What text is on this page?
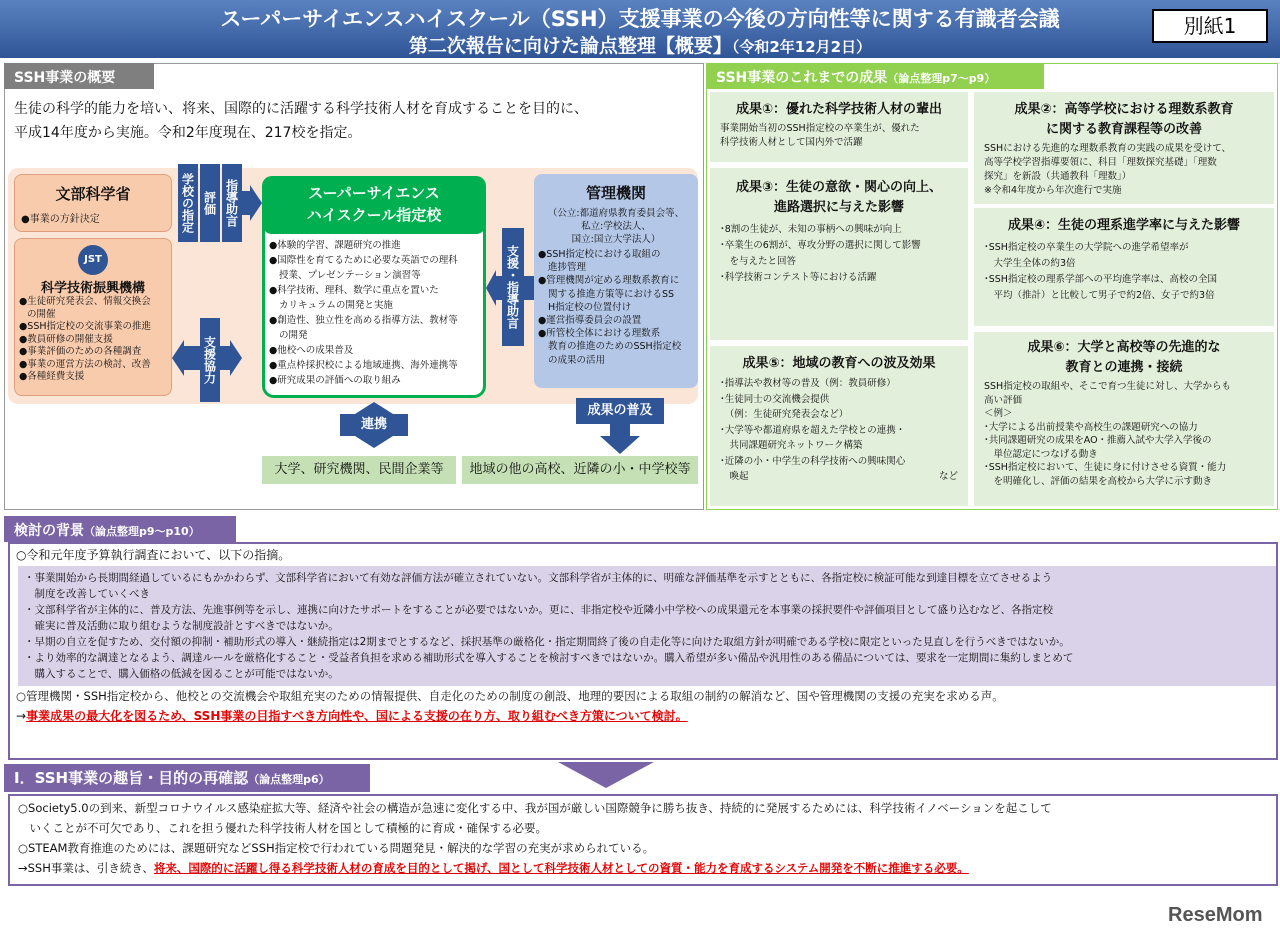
スーパーサイエンスハイスクール（SSH）支援事業の今後の方向性等に関する有識者会議
第二次報告に向けた論点整理【概要】（令和2年12月2日）
別紙1
SSH事業の概要
生徒の科学的能力を培い、将来、国際的に活躍する科学技術人材を育成することを目的に、
平成14年度から実施。令和2年度現在、217校を指定。
文部科学省
●事業の方針決定
JST
科学技術振興機構
●生徒研究発表会、情報交換会
の開催
●SSH指定校の交流事業の推進
●教員研修の開催支援
●事業評価のための各種調査
●事業の運営方法の検討、改善
●各種経費支援
学校の指定 評価 指導助言
支援協力
スーパーサイエンス
ハイスクール指定校
●体験的学習、課題研究の推進
●国際性を育てるために必要な英語での理科
授業、プレゼンテーション演習等
●科学技術、理科、数学に重点を置いた
カリキュラムの開発と実施
●創造性、独立性を高める指導方法、教材等
の開発
●他校への成果普及
●重点枠採択校による地域連携、海外連携等
●研究成果の評価への取り組み
支援・指導助言
管理機関
（公立:都道府県教育委員会等、
私立:学校法人、
国立:国立大学法人）
●SSH指定校における取組の
進捗管理
●管理機関が定める理数系教育に
関する推進方策等におけるSS
H指定校の位置付け
●運営指導委員会の設置
●所管校全体における理数系
教育の推進のためのSSH指定校
の成果の活用
連携
成果の普及
大学、研究機関、民間企業等	地域の他の高校、近隣の小・中学校等
SSH事業のこれまでの成果（論点整理p7～p9）
成果①：優れた科学技術人材の輩出
事業開始当初のSSH指定校の卒業生が、優れた
科学技術人材として国内外で活躍
成果②：高等学校における理数系教育
に関する教育課程等の改善
SSHにおける先進的な理数系教育の実践の成果を受けて、
高等学校学習指導要領に、科目「理数探究基礎」「理数
探究」を新設（共通教科「理数」）
※令和4年度から年次進行で実施
成果③：生徒の意欲・関心の向上、
進路選択に与えた影響
･8割の生徒が、未知の事柄への興味が向上
･卒業生の6割が、専攻分野の選択に関して影響
　を与えたと回答
･科学技術コンテスト等における活躍
成果④：生徒の理系進学率に与えた影響
･SSH指定校の卒業生の大学院への進学希望率が
　大学生全体の約3倍
･SSH指定校の理系学部への平均進学率は、高校の全国
　平均（推計）と比較して男子で約2倍、女子で約3倍
成果⑤：地域の教育への波及効果
･指導法や教材等の普及（例：教員研修）
･生徒同士の交流機会提供
　（例：生徒研究発表会など）
･大学等や都道府県を超えた学校との連携・
　共同課題研究ネットワーク構築
･近隣の小・中学生の科学技術への興味関心
　喚起	など
成果⑥：大学と高校等の先進的な
教育との連携・接続
SSH指定校の取組や、そこで育つ生徒に対し、大学からも
高い評価
＜例＞
･大学による出前授業や高校生の課題研究への協力
･共同課題研究の成果をAO・推薦入試や大学入学後の
　単位認定につなげる動き
･SSH指定校において、生徒に身に付けさせる資質・能力
　を明確化し、評価の結果を高校から大学に示す動き
検討の背景（論点整理p9～p10）
○令和元年度予算執行調査において、以下の指摘。
・事業開始から長期間経過しているにもかかわらず、文部科学省において有効な評価方法が確立されていない。文部科学省が主体的に、明確な評価基準を示すとともに、各指定校に検証可能な到達目標を立てさせるよう
　制度を改善していくべき
・文部科学省が主体的に、普及方法、先進事例等を示し、連携に向けたサポートをすることが必要ではないか。更に、非指定校や近隣小中学校への成果還元を本事業の採択要件や評価項目として盛り込むなど、各指定校
　確実に普及活動に取り組むような制度設計とすべきではないか。
・早期の自立を促すため、交付額の抑制・補助形式の導入・継続指定は2期までとするなど、採択基準の厳格化・指定期間終了後の自走化等に向けた取組方針が明確である学校に限定といった見直しを行うべきではないか。
・より効率的な調達となるよう、調達ルールを厳格化すること・受益者負担を求める補助形式を導入することを検討すべきではないか。購入希望が多い備品や汎用性のある備品については、要求を一定期間に集約しまとめて
　購入することで、購入価格の低減を図ることが可能ではないか。
○管理機関・SSH指定校から、他校との交流機会や取組充実のための情報提供、自走化のための制度の創設、地理的要因による取組の制約の解消など、国や管理機関の支援の充実を求める声。
→事業成果の最大化を図るため、SSH事業の目指すべき方向性や、国による支援の在り方、取り組むべき方策について検討。
Ⅰ．SSH事業の趣旨・目的の再確認（論点整理p6）
○Society5.0の到来、新型コロナウイルス感染症拡大等、経済や社会の構造が急速に変化する中、我が国が厳しい国際競争に勝ち抜き、持続的に発展するためには、科学技術イノベーションを起こして
　いくことが不可欠であり、これを担う優れた科学技術人材を国として積極的に育成・確保する必要。
○STEAM教育推進のためには、課題研究などSSH指定校で行われている問題発見・解決的な学習の充実が求められている。
→SSH事業は、引き続き、将来、国際的に活躍し得る科学技術人材の育成を目的として掲げ、国として科学技術人材としての資質・能力を育成するシステム開発を不断に推進する必要。
ReseMom
